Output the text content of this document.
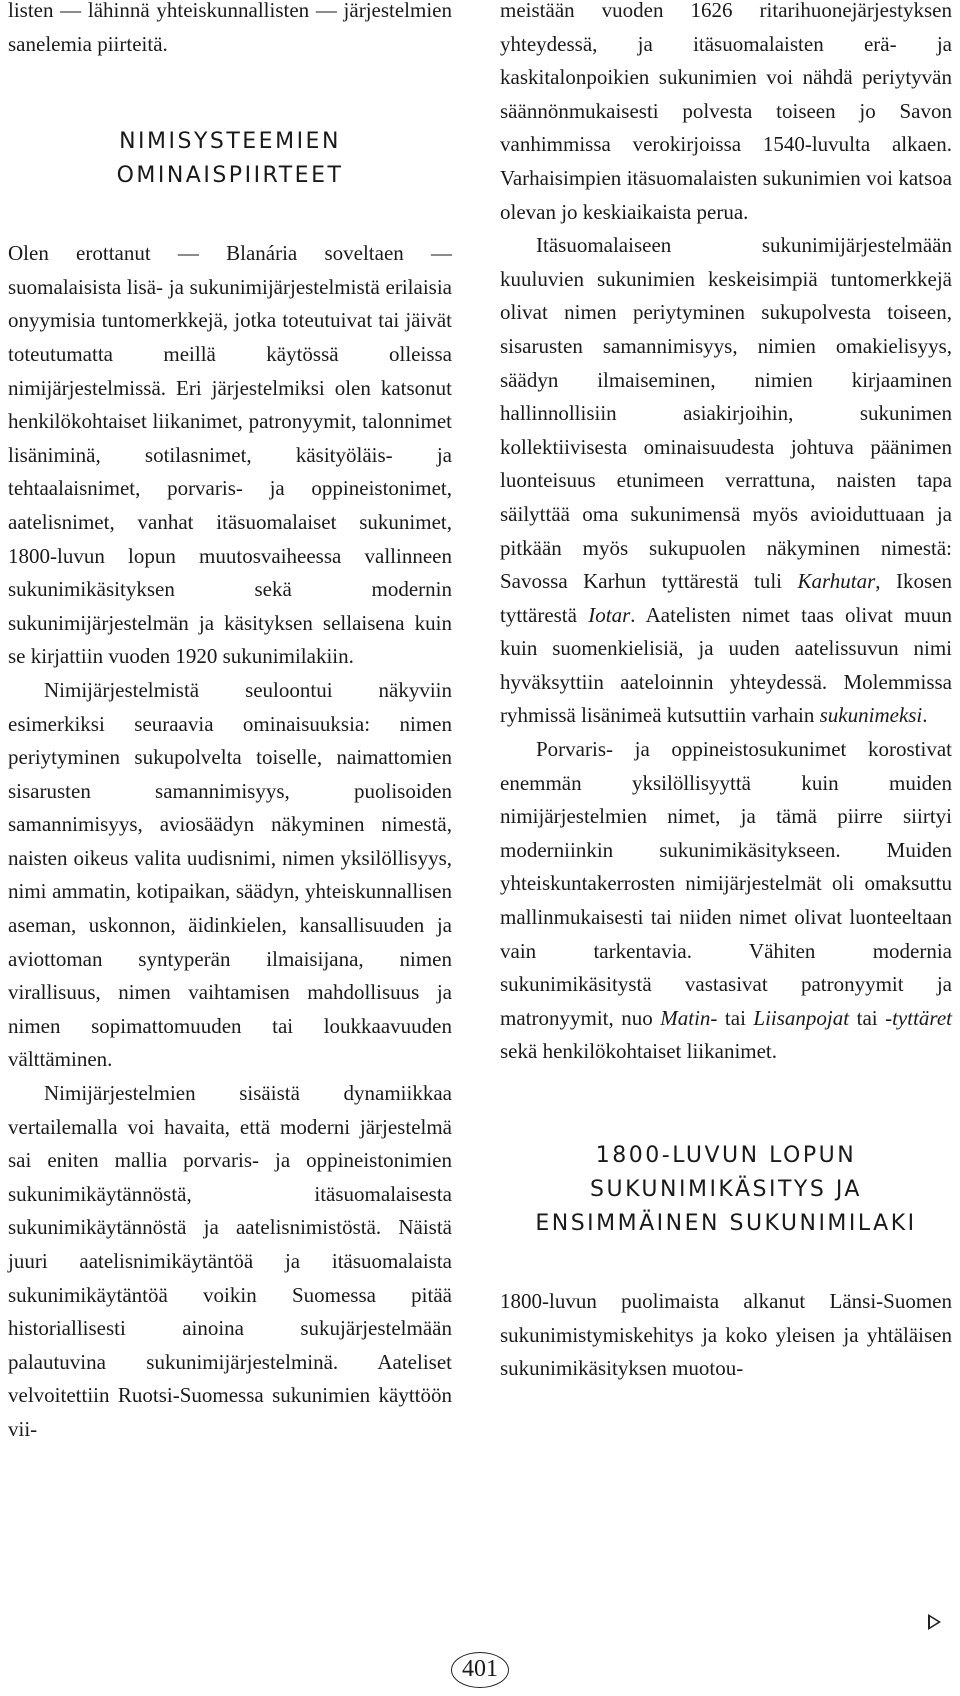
listen — lähinnä yhteiskunnallisten — järjestelmien sanelemia piirteitä.

NIMISYSTEEMIEN
OMINAISPIIRTEET

Olen erottanut — Blanária soveltaen — suomalaisista lisä- ja sukunimijärjestelmistä erilaisia onyymisia tuntomerkkejä, jotka toteutuivat tai jäivät toteutumatta meillä käytössä olleissa nimijärjestelmissä. Eri järjestelmiksi olen katsonut henkilökohtaiset liikanimet, patronyymit, talonnimet lisäniminä, sotilasnimet, käsityöläis- ja tehtaalaisnimet, porvaris- ja oppineistonimet, aatelisnimet, vanhat itäsuomalaiset sukunimet, 1800-luvun lopun muutosvaiheessa vallinneen sukunimikäsityksen sekä modernin sukunimijärjestelmän ja käsityksen sellaisena kuin se kirjattiin vuoden 1920 sukunimilakiin.

Nimijärjestelmistä seuloontui näkyviin esimerkiksi seuraavia ominaisuuksia: nimen periytyminen sukupolvelta toiselle, naimattomien sisarusten samannimisyys, puolisoiden samannimisyys, aviosäädyn näkyminen nimestä, naisten oikeus valita uudisnimi, nimen yksilöllisyys, nimi ammatin, kotipaikan, säädyn, yhteiskunnallisen aseman, uskonnon, äidinkielen, kansallisuuden ja aviottoman syntyperän ilmaisijana, nimen virallisuus, nimen vaihtamisen mahdollisuus ja nimen sopimattomuuden tai loukkaavuuden välttäminen.

Nimijärjestelmien sisäistä dynamiikkaa vertailemalla voi havaita, että moderni järjestelmä sai eniten mallia porvaris- ja oppineistonimien sukunimikäytännöstä, itäsuomalaisesta sukunimikäytännöstä ja aatelisnimistöstä. Näistä juuri aatelisnimikäytäntöä ja itäsuomalaista sukunimikäytäntöä voikin Suomessa pitää historiallisesti ainoina sukujärjestelmään palautuvina sukunimijärjestelminä. Aateliset velvoitettiin Ruotsi-Suomessa sukunimien käyttöön vii-

meistään vuoden 1626 ritarihuonejärjestyksen yhteydessä, ja itäsuomalaisten erä- ja kaskitalonpoikien sukunimien voi nähdä periytyvän säännönmukaisesti polvesta toiseen jo Savon vanhimmissa verokirjoissa 1540-luvulta alkaen. Varhaisimpien itäsuomalaisten sukunimien voi katsoa olevan jo keskiaikaista perua.

Itäsuomalaiseen sukunimijärjestelmään kuuluvien sukunimien keskeisimpiä tuntomerkkejä olivat nimen periytyminen sukupolvesta toiseen, sisarusten samannimisyys, nimien omakielisyys, säädyn ilmaiseminen, nimien kirjaaminen hallinnollisiin asiakirjoihin, sukunimen kollektiivisesta ominaisuudesta johtuva päänimen luonteisuus etunimeen verrattuna, naisten tapa säilyttää oma sukunimensä myös avioiduttuaan ja pitkään myös sukupuolen näkyminen nimestä: Savossa Karhun tyttärestä tuli Karhutar, Ikosen tyttärestä Iotar. Aatelisten nimet taas olivat muun kuin suomenkielisiä, ja uuden aatelissuvun nimi hyväksyttiin aateloinnin yhteydessä. Molemmissa ryhmissä lisänimeä kutsuttiin varhain sukunimeksi.

Porvaris- ja oppineistosukunimet korostivat enemmän yksilöllisyyttä kuin muiden nimijärjestelmien nimet, ja tämä piirre siirtyi moderniinkin sukunimikäsitykseen. Muiden yhteiskuntakerrosten nimijärjestelmät oli omaksuttu mallinmukaisesti tai niiden nimet olivat luonteeltaan vain tarkentavia. Vähiten modernia sukunimikäsitystä vastasivat patronyymit ja matronyymit, nuo Matin- tai Liisanpojat tai -tyttäret sekä henkilökohtaiset liikanimet.

1800-LUVUN LOPUN
SUKUNIMIKÄSITYS JA
ENSIMMÄINEN SUKUNIMILAKI

1800-luvun puolimaista alkanut Länsi-Suomen sukunimistymiskehitys ja koko yleisen ja yhtäläisen sukunimikäsityksen muotou-

401
